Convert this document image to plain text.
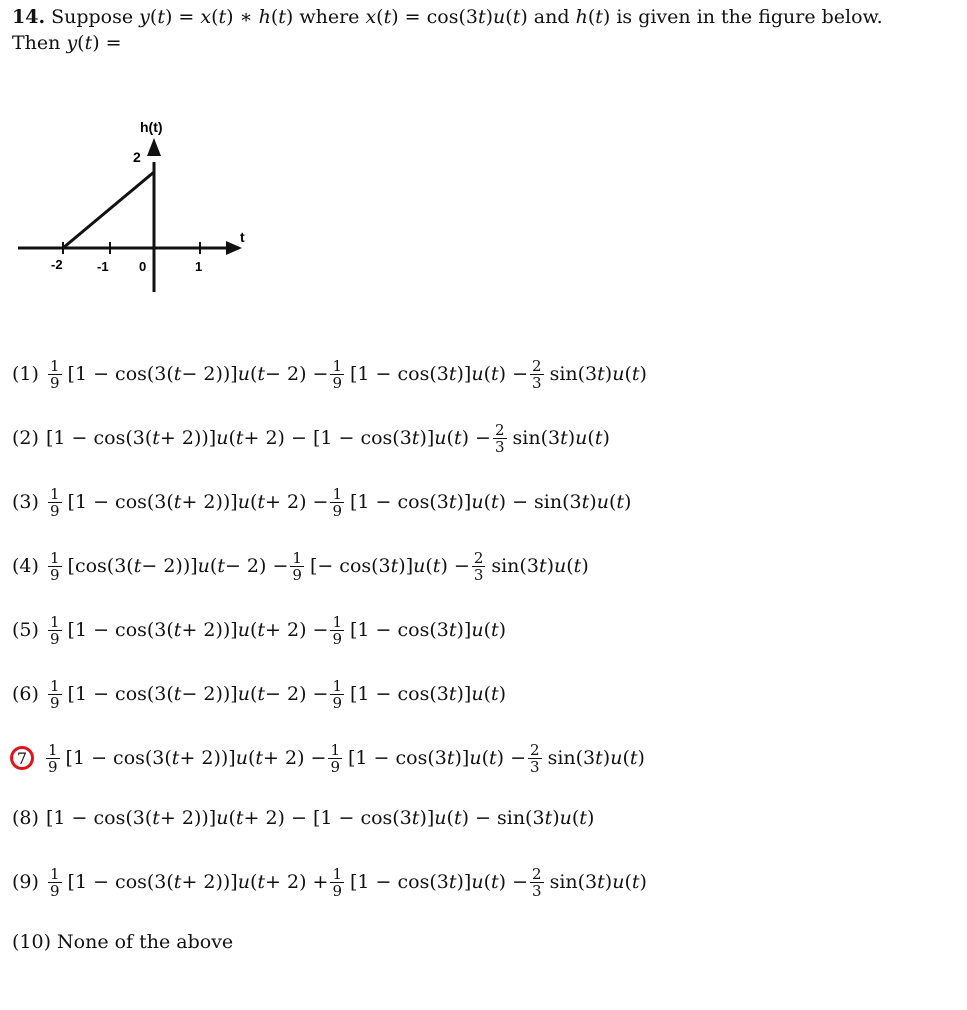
14. Suppose y(t) = x(t) ∗ h(t) where x(t) = cos(3t)u(t) and h(t) is given in the figure below.
Then y(t) =
h(t)
2
t
-2	-1 0	1
$(1) \frac{1}{9} [1 - \cos(3$( t − 2))] u ( $t - 2) - \frac{1}{9} [1 - \cos(3$ t )] u ( t ) − $\frac{2}{3} \sin(3$ t ) u ( t )
(2) [1 − cos(3( t + 2))] u ( t + 2) − [1 − cos(3 t )] u ( t ) − $\frac{2}{3} \sin(3$ t ) u ( t )
$(3) \frac{1}{9} [1 - \cos(3$( t + 2))] u ( $t + 2) - \frac{1}{9} [1 - \cos(3$ t )] u ( t ) − sin(3 t ) u ( t )
$(4) \frac{1}{9} [\cos(3$( t − 2))] u ( $t - 2) - \frac{1}{9}$ [− cos(3 t )] u ( t ) − $\frac{2}{3} \sin(3$ t ) u ( t )
$(5) \frac{1}{9} [1 - \cos(3$( t + 2))] u ( $t + 2) - \frac{1}{9} [1 - \cos(3$ t )] u ( t )
$(6) \frac{1}{9} [1 - \cos(3$( t − 2))] u ( $t - 2) - \frac{1}{9} [1 - \cos(3$ t )] u ( t )
7	$\frac{1}{9} [1 - \cos(3$( t + 2))] u ( $t + 2) - \frac{1}{9} [1 - \cos(3$ t )] u ( t ) − $\frac{2}{3} \sin(3$ t ) u ( t )
(8) [1 − cos(3( t + 2))] u ( t + 2) − [1 − cos(3 t )] u ( t ) − sin(3 t ) u ( t )
$(9) \frac{1}{9} [1 - \cos(3$( t + 2))] u ( $t + 2) + \frac{1}{9} [1 - \cos(3$ t )] u ( t ) − $\frac{2}{3} \sin(3$ t ) u ( t )
(10) None of the above
